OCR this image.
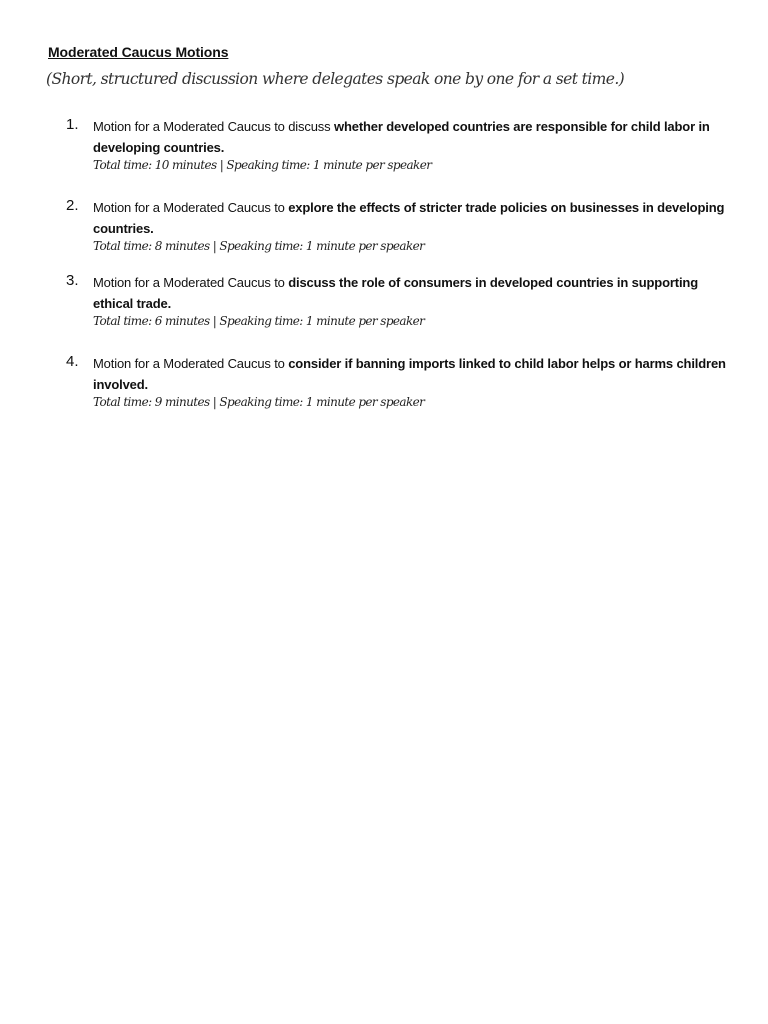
Moderated Caucus Motions
(Short, structured discussion where delegates speak one by one for a set time.)
1.	Motion for a Moderated Caucus to discuss whether developed countries are responsible for child labor in developing countries.
Total time: 10 minutes | Speaking time: 1 minute per speaker
2.	Motion for a Moderated Caucus to explore the effects of stricter trade policies on businesses in developing countries.
Total time: 8 minutes | Speaking time: 1 minute per speaker
3.	Motion for a Moderated Caucus to discuss the role of consumers in developed countries in supporting ethical trade.
Total time: 6 minutes | Speaking time: 1 minute per speaker
4.	Motion for a Moderated Caucus to consider if banning imports linked to child labor helps or harms children involved.
Total time: 9 minutes | Speaking time: 1 minute per speaker
